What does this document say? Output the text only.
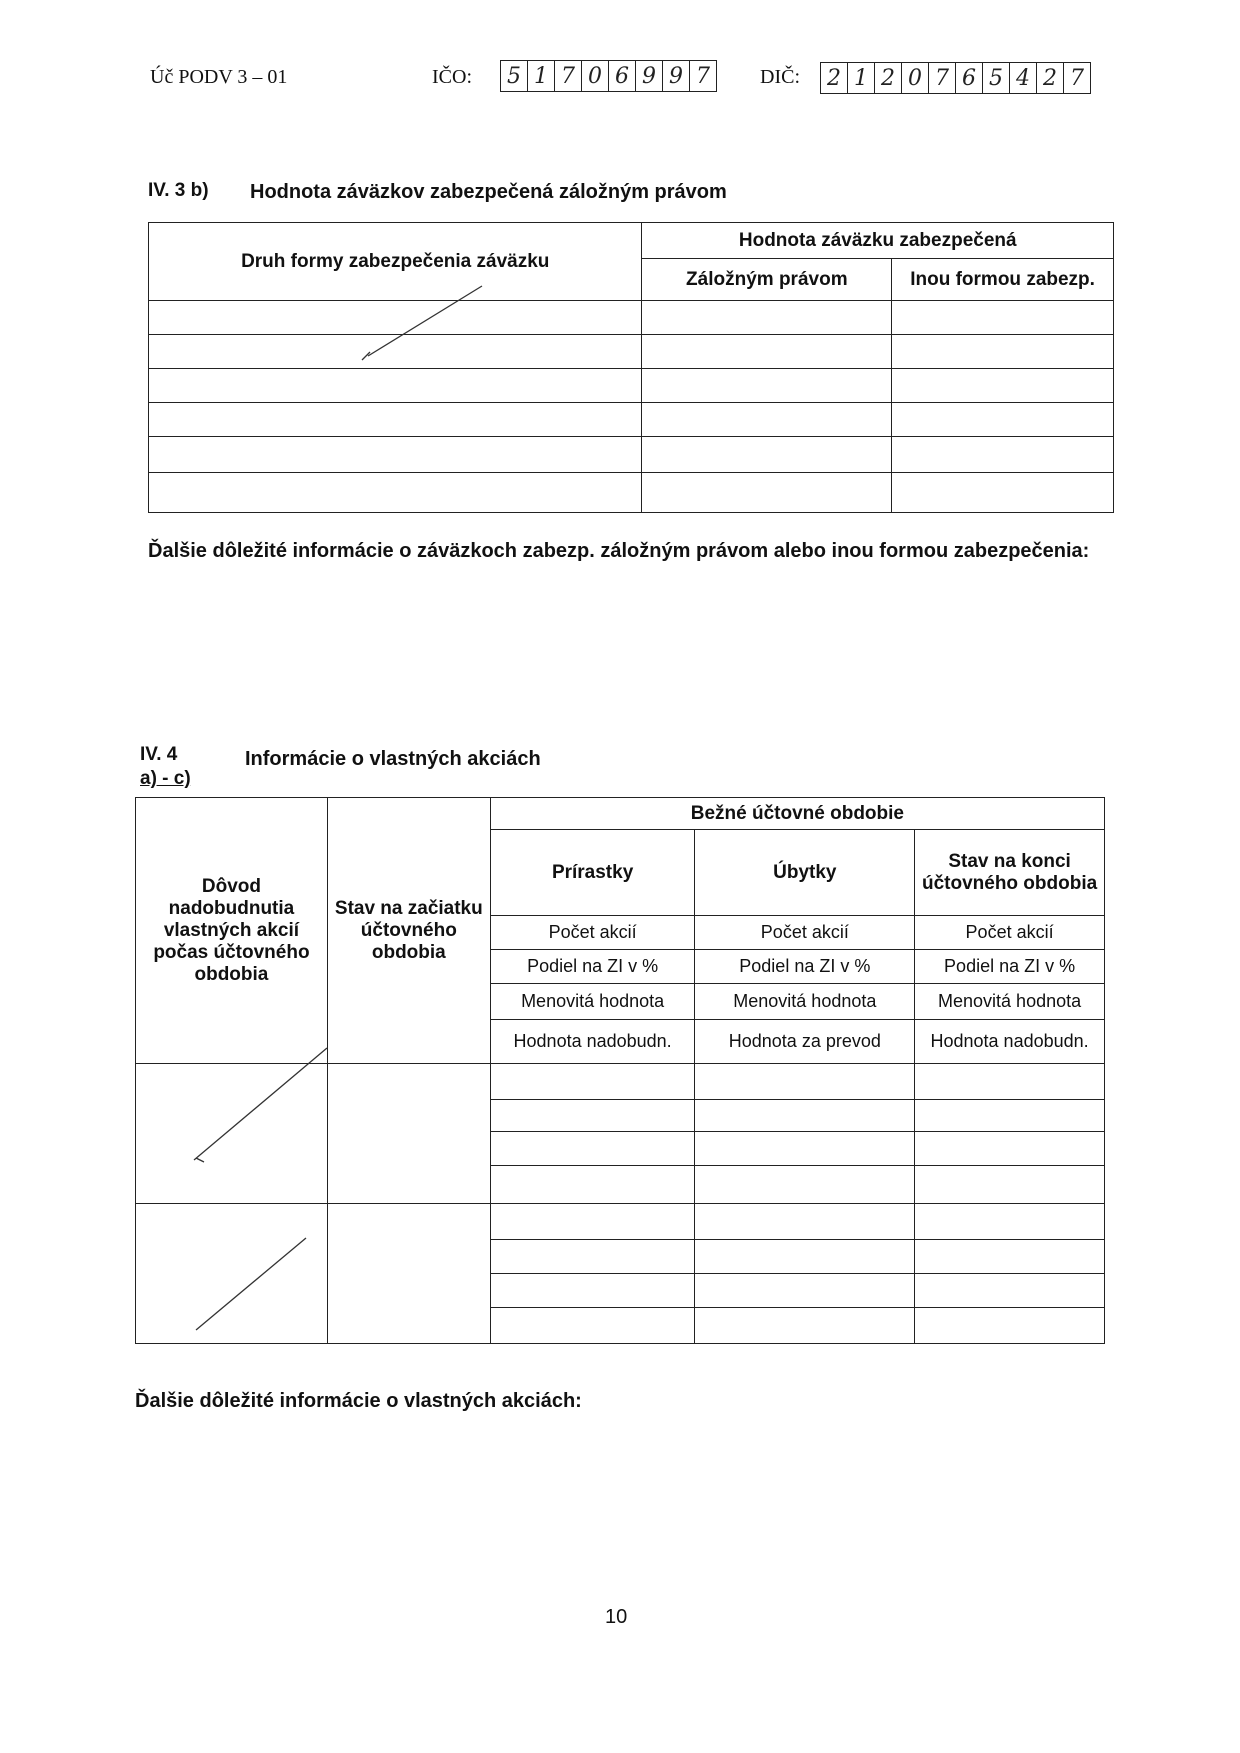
Úč PODV 3 – 01	IČO: 5 1 7 0 6 9 9 7	DIČ: 2 1 2 0 7 6 5 4 2 7
IV. 3 b) Hodnota záväzkov zabezpečená záložným právom
Druh formy zabezpečenia záväzku	Hodnota záväzku zabezpečená	
	Záložným právom	Inou formou zabezp.

Ďalšie dôležité informácie o záväzkoch zabezp. záložným právom alebo inou formou zabezpečenia:
IV. 4
a) - c)
Informácie o vlastných akciách
Dôvod nadobudnutia vlastných akcií počas účtovného obdobia	Stav na začiatku účtovného obdobia	Bežné účtovné obdobie		
		Prírastky	Úbytky	Stav na konci účtovného obdobia
		Počet akcií	Počet akcií	Počet akcií
		Podiel na ZI v %	Podiel na ZI v %	Podiel na ZI v %
		Menovitá hodnota	Menovitá hodnota	Menovitá hodnota
		Hodnota nadobudn.	Hodnota za prevod	Hodnota nadobudn.

Ďalšie dôležité informácie o vlastných akciách:
10
